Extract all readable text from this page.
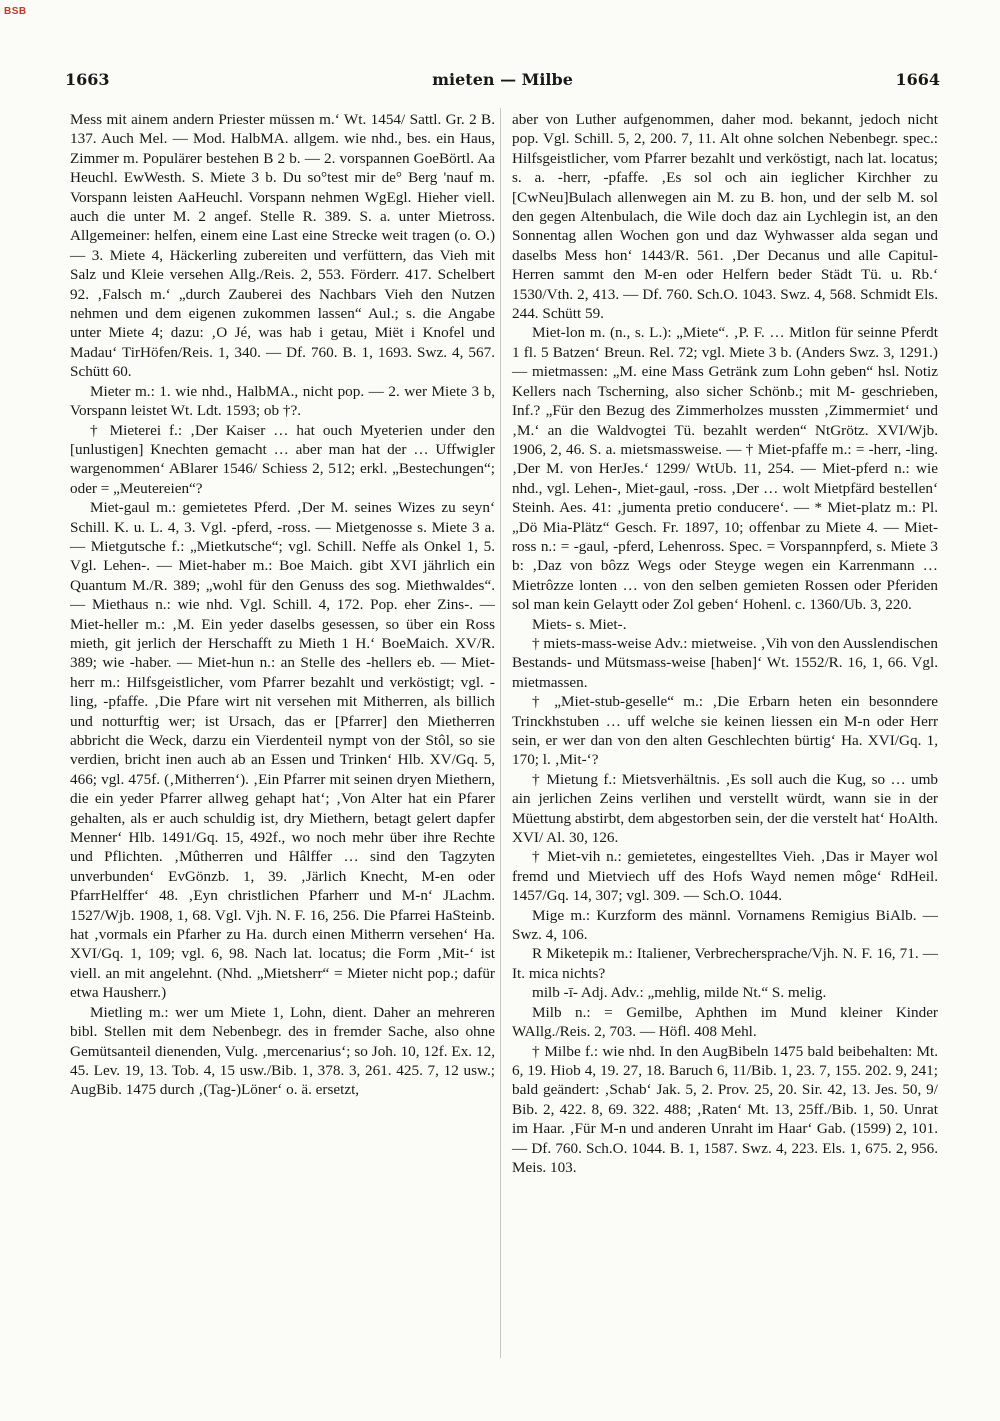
BSB
1663	mieten — Milbe	1664

Mess mit ainem andern Priester müssen m.‘ Wt. 1454/ Sattl. Gr. 2 B. 137. Auch Mel. — Mod. HalbMA. allgem. wie nhd., bes. ein Haus, Zimmer m. Populärer bestehen B 2 b. — 2. vorspannen GoeBörtl. Aa Heuchl. EwWesth. S. Miete 3 b. Du so°test mir de° Berg 'nauf m. Vorspann leisten AaHeuchl. Vorspann nehmen WgEgl. Hieher viell. auch die unter M. 2 angef. Stelle R. 389. S. a. unter Mietross. Allgemeiner: helfen, einem eine Last eine Strecke weit tragen (o. O.) — 3. Miete 4, Häckerling zubereiten und verfüttern, das Vieh mit Salz und Kleie versehen Allg./Reis. 2, 553. Förderr. 417. Schelbert 92. ‚Falsch m.‘ „durch Zauberei des Nachbars Vieh den Nutzen nehmen und dem eigenen zukommen lassen“ Aul.; s. die Angabe unter Miete 4; dazu: ‚O Jé, was hab i getau, Miët i Knofel und Madau‘ TirHöfen/Reis. 1, 340. — Df. 760. B. 1, 1693. Swz. 4, 567. Schütt 60.

Mieter m.: 1. wie nhd., HalbMA., nicht pop. — 2. wer Miete 3 b, Vorspann leistet Wt. Ldt. 1593; ob †?.

† Mieterei f.: ‚Der Kaiser … hat ouch Myeterien under den [unlustigen] Knechten gemacht … aber man hat der … Uffwigler wargenommen‘ ABlarer 1546/ Schiess 2, 512; erkl. „Bestechungen“; oder = „Meutereien“?

Miet-gaul m.: gemietetes Pferd. ‚Der M. seines Wizes zu seyn‘ Schill. K. u. L. 4, 3. Vgl. -pferd, -ross. — Mietgenosse s. Miete 3 a. — Mietgutsche f.: „Mietkutsche“; vgl. Schill. Neffe als Onkel 1, 5. Vgl. Lehen-. — Miet-haber m.: Boe Maich. gibt XVI jährlich ein Quantum M./R. 389; „wohl für den Genuss des sog. Miethwaldes“. — Miethaus n.: wie nhd. Vgl. Schill. 4, 172. Pop. eher Zins-. — Miet-heller m.: ‚M. Ein yeder daselbs gesessen, so über ein Ross mieth, git jerlich der Herschafft zu Mieth 1 H.‘ BoeMaich. XV/R. 389; wie -haber. — Miet-hun n.: an Stelle des -hellers eb. — Miet-herr m.: Hilfsgeistlicher, vom Pfarrer bezahlt und verköstigt; vgl. -ling, -pfaffe. ‚Die Pfare wirt nit versehen mit Mitherren, als billich und notturftig wer; ist Ursach, das er [Pfarrer] den Mietherren abbricht die Weck, darzu ein Vierdenteil nympt von der Stôl, so sie verdien, bricht inen auch ab an Essen und Trinken‘ Hlb. XV/Gq. 5, 466; vgl. 475f. (‚Mitherren‘). ‚Ein Pfarrer mit seinen dryen Miethern, die ein yeder Pfarrer allweg gehapt hat‘; ‚Von Alter hat ein Pfarer gehalten, als er auch schuldig ist, dry Miethern, betagt gelert dapfer Menner‘ Hlb. 1491/Gq. 15, 492f., wo noch mehr über ihre Rechte und Pflichten. ‚Mûtherren und Hâlffer … sind den Tagzyten unverbunden‘ EvGönzb. 1, 39. ‚Järlich Knecht, M-en oder PfarrHelffer‘ 48. ‚Eyn christlichen Pfarherr und M-n‘ JLachm. 1527/Wjb. 1908, 1, 68. Vgl. Vjh. N. F. 16, 256. Die Pfarrei HaSteinb. hat ‚vormals ein Pfarher zu Ha. durch einen Mitherrn versehen‘ Ha. XVI/Gq. 1, 109; vgl. 6, 98. Nach lat. locatus; die Form ‚Mit-‘ ist viell. an mit angelehnt. (Nhd. „Mietsherr“ = Mieter nicht pop.; dafür etwa Hausherr.)

Mietling m.: wer um Miete 1, Lohn, dient. Daher an mehreren bibl. Stellen mit dem Nebenbegr. des in fremder Sache, also ohne Gemütsanteil dienenden, Vulg. ‚mercenarius‘; so Joh. 10, 12f. Ex. 12, 45. Lev. 19, 13. Tob. 4, 15 usw./Bib. 1, 378. 3, 261. 425. 7, 12 usw.; AugBib. 1475 durch ‚(Tag-)Löner‘ o. ä. ersetzt,

aber von Luther aufgenommen, daher mod. bekannt, jedoch nicht pop. Vgl. Schill. 5, 2, 200. 7, 11. Alt ohne solchen Nebenbegr. spec.: Hilfsgeistlicher, vom Pfarrer bezahlt und verköstigt, nach lat. locatus; s. a. -herr, -pfaffe. ‚Es sol och ain ieglicher Kirchher zu [CwNeu]Bulach allenwegen ain M. zu B. hon, und der selb M. sol den gegen Altenbulach, die Wile doch daz ain Lychlegin ist, an den Sonnentag allen Wochen gon und daz Wyhwasser alda segan und daselbs Mess hon‘ 1443/R. 561. ‚Der Decanus und alle Capitul-Herren sammt den M-en oder Helfern beder Städt Tü. u. Rb.‘ 1530/Vth. 2, 413. — Df. 760. Sch.O. 1043. Swz. 4, 568. Schmidt Els. 244. Schütt 59.

Miet-lon m. (n., s. L.): „Miete“. ‚P. F. … Mitlon für seinne Pferdt 1 fl. 5 Batzen‘ Breun. Rel. 72; vgl. Miete 3 b. (Anders Swz. 3, 1291.) — mietmassen: „M. eine Mass Getränk zum Lohn geben“ hsl. Notiz Kellers nach Tscherning, also sicher Schönb.; mit M- geschrieben, Inf.? „Für den Bezug des Zimmerholzes mussten ‚Zimmermiet‘ und ‚M.‘ an die Waldvogtei Tü. bezahlt werden“ NtGrötz. XVI/Wjb. 1906, 2, 46. S. a. mietsmassweise. — † Miet-pfaffe m.: = -herr, -ling. ‚Der M. von HerJes.‘ 1299/ WtUb. 11, 254. — Miet-pferd n.: wie nhd., vgl. Lehen-, Miet-gaul, -ross. ‚Der … wolt Mietpfärd bestellen‘ Steinh. Aes. 41: ‚jumenta pretio conducere‘. — * Miet-platz m.: Pl. „Dö Mia-Plätz“ Gesch. Fr. 1897, 10; offenbar zu Miete 4. — Miet-ross n.: = -gaul, -pferd, Lehenross. Spec. = Vorspannpferd, s. Miete 3 b: ‚Daz von bôzz Wegs oder Steyge wegen ein Karrenmann … Mietrôzze lonten … von den selben gemieten Rossen oder Pferiden sol man kein Gelaytt oder Zol geben‘ Hohenl. c. 1360/Ub. 3, 220.

Miets- s. Miet-.

† miets-mass-weise Adv.: mietweise. ‚Vih von den Ausslendischen Bestands- und Mütsmass-weise [haben]‘ Wt. 1552/R. 16, 1, 66. Vgl. mietmassen.

† „Miet-stub-geselle“ m.: ‚Die Erbarn heten ein besonndere Trinckhstuben … uff welche sie keinen liessen ein M-n oder Herr sein, er wer dan von den alten Geschlechten bürtig‘ Ha. XVI/Gq. 1, 170; l. ‚Mit-‘?

† Mietung f.: Mietsverhältnis. ‚Es soll auch die Kug, so … umb ain jerlichen Zeins verlihen und verstellt würdt, wann sie in der Müettung abstirbt, dem abgestorben sein, der die verstelt hat‘ HoAlth. XVI/ Al. 30, 126.

† Miet-vih n.: gemietetes, eingestelltes Vieh. ‚Das ir Mayer wol fremd und Mietviech uff des Hofs Wayd nemen môge‘ RdHeil. 1457/Gq. 14, 307; vgl. 309. — Sch.O. 1044.

Mige m.: Kurzform des männl. Vornamens Remigius BiAlb. — Swz. 4, 106.

R Miketepik m.: Italiener, Verbrechersprache/Vjh. N. F. 16, 71. — It. mica nichts?

milb -ī- Adj. Adv.: „mehlig, milde Nt.“ S. melig.

Milb n.: = Gemilbe, Aphthen im Mund kleiner Kinder WAllg./Reis. 2, 703. — Höfl. 408 Mehl.

† Milbe f.: wie nhd. In den AugBibeln 1475 bald beibehalten: Mt. 6, 19. Hiob 4, 19. 27, 18. Baruch 6, 11/Bib. 1, 23. 7, 155. 202. 9, 241; bald geändert: ‚Schab‘ Jak. 5, 2. Prov. 25, 20. Sir. 42, 13. Jes. 50, 9/ Bib. 2, 422. 8, 69. 322. 488; ‚Raten‘ Mt. 13, 25ff./Bib. 1, 50. Unrat im Haar. ‚Für M-n und anderen Unraht im Haar‘ Gab. (1599) 2, 101. — Df. 760. Sch.O. 1044. B. 1, 1587. Swz. 4, 223. Els. 1, 675. 2, 956. Meis. 103.
